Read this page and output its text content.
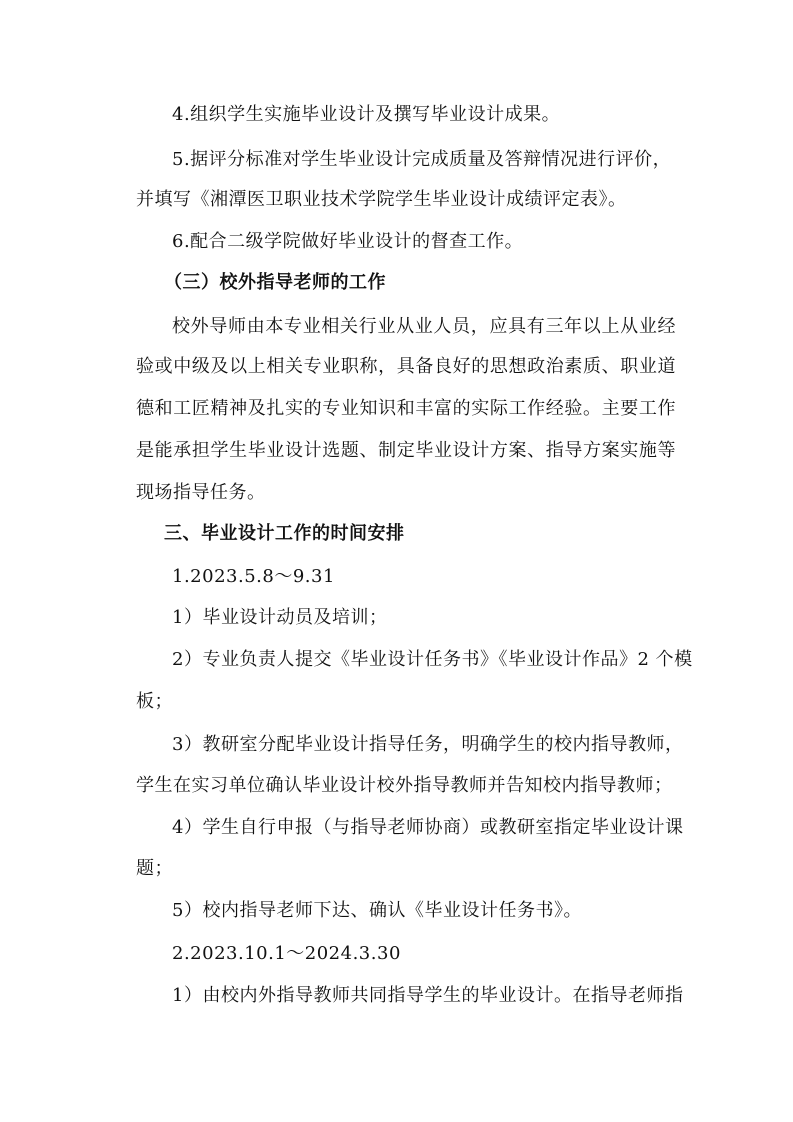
4.组织学生实施毕业设计及撰写毕业设计成果。
5.据评分标准对学生毕业设计完成质量及答辩情况进行评价，
并填写《湘潭医卫职业技术学院学生毕业设计成绩评定表》。
6.配合二级学院做好毕业设计的督查工作。
（三）校外指导老师的工作
校外导师由本专业相关行业从业人员，应具有三年以上从业经
验或中级及以上相关专业职称，具备良好的思想政治素质、职业道
德和工匠精神及扎实的专业知识和丰富的实际工作经验。主要工作
是能承担学生毕业设计选题、制定毕业设计方案、指导方案实施等
现场指导任务。
三、毕业设计工作的时间安排
1.2023.5.8～9.31
1）毕业设计动员及培训；
2）专业负责人提交《毕业设计任务书》《毕业设计作品》2 个模
板；
3）教研室分配毕业设计指导任务，明确学生的校内指导教师，
学生在实习单位确认毕业设计校外指导教师并告知校内指导教师；
4）学生自行申报（与指导老师协商）或教研室指定毕业设计课
题；
5）校内指导老师下达、确认《毕业设计任务书》。
2.2023.10.1～2024.3.30
1）由校内外指导教师共同指导学生的毕业设计。在指导老师指
